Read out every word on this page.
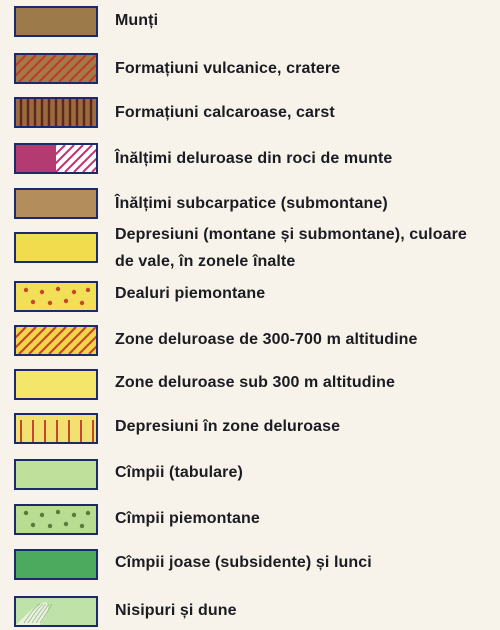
Munți
Formațiuni vulcanice, cratere
Formațiuni calcaroase, carst
Înălțimi deluroase din roci de munte
Înălțimi subcarpatice (submontane)
Depresiuni (montane și submontane), culoare de vale, în zonele înalte
Dealuri piemontane
Zone deluroase de 300-700 m altitudine
Zone deluroase sub 300 m altitudine
Depresiuni în zone deluroase
Cîmpii (tabulare)
Cîmpii piemontane
Cîmpii joase (subsidente) și lunci
Nisipuri și dune
